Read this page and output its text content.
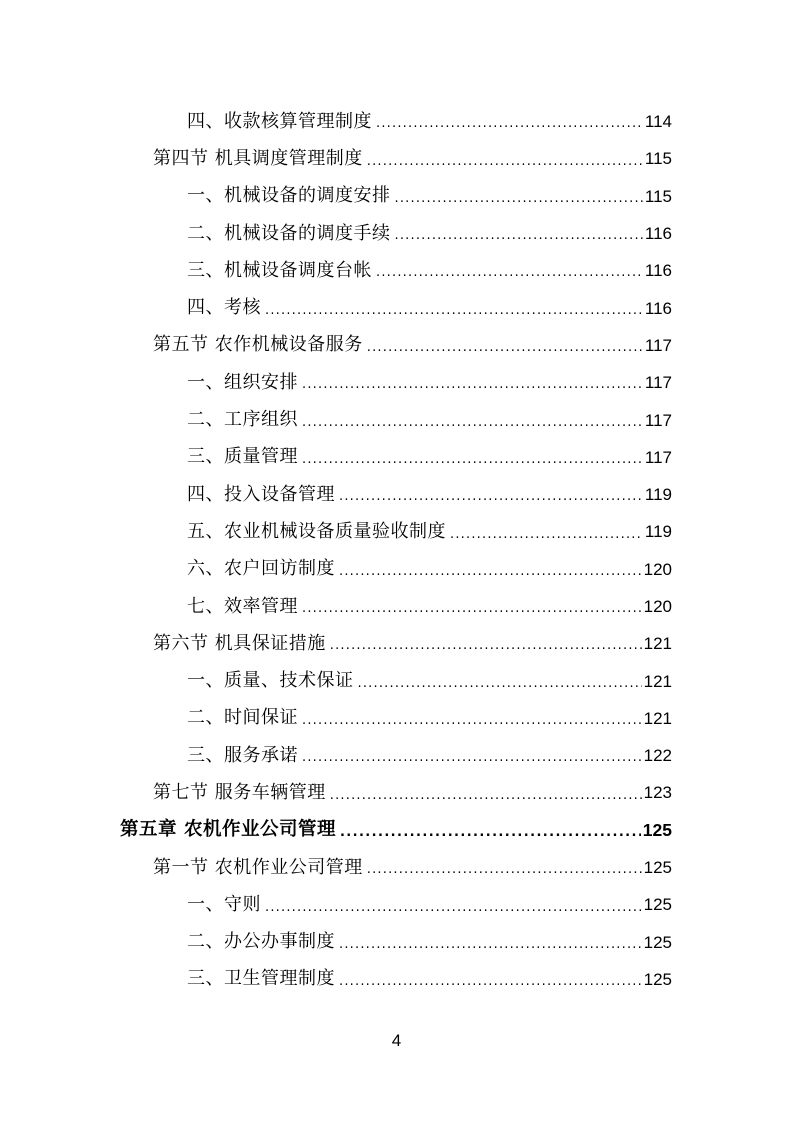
四、收款核算管理制度 .....	114
第四节 机具调度管理制度 .....	115
一、机械设备的调度安排 .....	115
二、机械设备的调度手续 .....	116
三、机械设备调度台帐 .....	116
四、考核 .....	116
第五节 农作机械设备服务 .....	117
一、组织安排 .....	117
二、工序组织 .....	117
三、质量管理 .....	117
四、投入设备管理 .....	119
五、农业机械设备质量验收制度 .....	119
六、农户回访制度 .....	120
七、效率管理 .....	120
第六节 机具保证措施 .....	121
一、质量、技术保证 .....	121
二、时间保证 .....	121
三、服务承诺 .....	122
第七节 服务车辆管理 .....	123
第五章 农机作业公司管理 .....	125
第一节 农机作业公司管理 .....	125
一、守则 .....	125
二、办公办事制度 .....	125
三、卫生管理制度 .....	125
4
